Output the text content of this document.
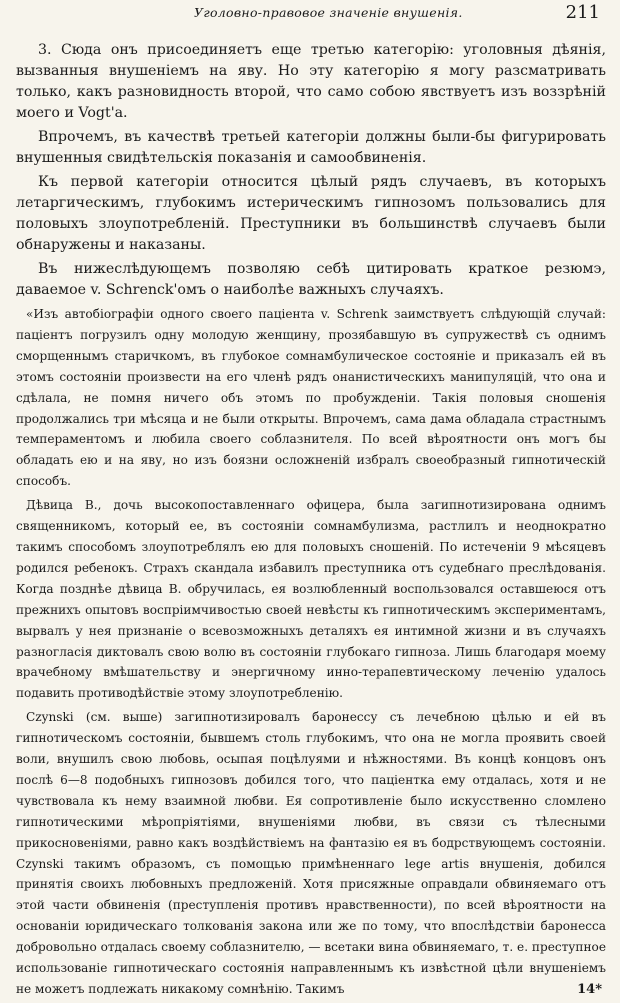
Уголовно-правовое значеніе внушенія.	211

3. Сюда онъ присоединяетъ еще третью категорію: уголовныя дѣянія, вызванныя внушеніемъ на яву. Но эту категорію я могу разсматривать только, какъ разновидность второй, что само собою явствуетъ изъ воззрѣній моего и Vogt'а.

Впрочемъ, въ качествѣ третьей категоріи должны были-бы фигурировать внушенныя свидѣтельскія показанія и самообвиненія.

Къ первой категоріи относится цѣлый рядъ случаевъ, въ которыхъ летаргическимъ, глубокимъ истерическимъ гипнозомъ пользовались для половыхъ злоупотребленій. Преступники въ большинствѣ случаевъ были обнаружены и наказаны.

Въ нижеслѣдующемъ позволяю себѣ цитировать краткое резюмэ, даваемое v. Schrenck'омъ о наиболѣе важныхъ случаяхъ.

«Изъ автобіографіи одного своего паціента v. Schrenk заимствуетъ слѣдующій случай: паціентъ погрузилъ одну молодую женщину, прозябавшую въ супружествѣ съ однимъ сморщеннымъ старичкомъ, въ глубокое сомнамбулическое состояніе и приказалъ ей въ этомъ состояніи произвести на его членѣ рядъ онанистическихъ манипуляцій, что она и сдѣлала, не помня ничего объ этомъ по пробужденіи. Такія половыя сношенія продолжались три мѣсяца и не были открыты. Впрочемъ, сама дама обладала страстнымъ темпераментомъ и любила своего соблазнителя. По всей вѣроятности онъ могъ бы обладать ею и на яву, но изъ боязни осложненій избралъ своеобразный гипнотическій способъ.

Дѣвица В., дочь высокопоставленнаго офицера, была загипнотизирована однимъ священникомъ, который ее, въ состояніи сомнамбулизма, растлилъ и неоднократно такимъ способомъ злоупотреблялъ ею для половыхъ сношеній. По истеченіи 9 мѣсяцевъ родился ребенокъ. Страхъ скандала избавилъ преступника отъ судебнаго преслѣдованія. Когда позднѣе дѣвица В. обручилась, ея возлюбленный воспользовался оставшеюся отъ прежнихъ опытовъ воспріимчивостью своей невѣсты къ гипнотическимъ экспериментамъ, вырвалъ у нея признаніе о всевозможныхъ деталяхъ ея интимной жизни и въ случаяхъ разногласія диктовалъ свою волю въ состояніи глубокаго гипноза. Лишь благодаря моему врачебному вмѣшательству и энергичному инно-терапевтическому леченію удалось подавить противодѣйствіе этому злоупотребленію.

Czynski (см. выше) загипнотизировалъ баронессу съ лечебною цѣлью и ей въ гипнотическомъ состояніи, бывшемъ столь глубокимъ, что она не могла проявить своей воли, внушилъ свою любовь, осыпая поцѣлуями и нѣжностями. Въ концѣ концовъ онъ послѣ 6—8 подобныхъ гипнозовъ добился того, что паціентка ему отдалась, хотя и не чувствовала къ нему взаимной любви. Ея сопротивленіе было искусственно сломлено гипнотическими мѣропріятіями, внушеніями любви, въ связи съ тѣлесными прикосновеніями, равно какъ воздѣйствіемъ на фантазію ея въ бодрствующемъ состояніи. Czynski такимъ образомъ, съ помощью примѣненнаго lege artis внушенія, добился принятія своихъ любовныхъ предложеній. Хотя присяжные оправдали обвиняемаго отъ этой части обвиненія (преступленія противъ нравственности), по всей вѣроятности на основаніи юридическаго толкованія закона или же по тому, что впослѣдствіи баронесса добровольно отдалась своему соблазнителю, — всетаки вина обвиняемаго, т. е. преступное использованіе гипнотическаго состоянія направленнымъ къ извѣстной цѣли внушеніемъ не можетъ подлежать никакому сомнѣнію. Такимъ	14*
